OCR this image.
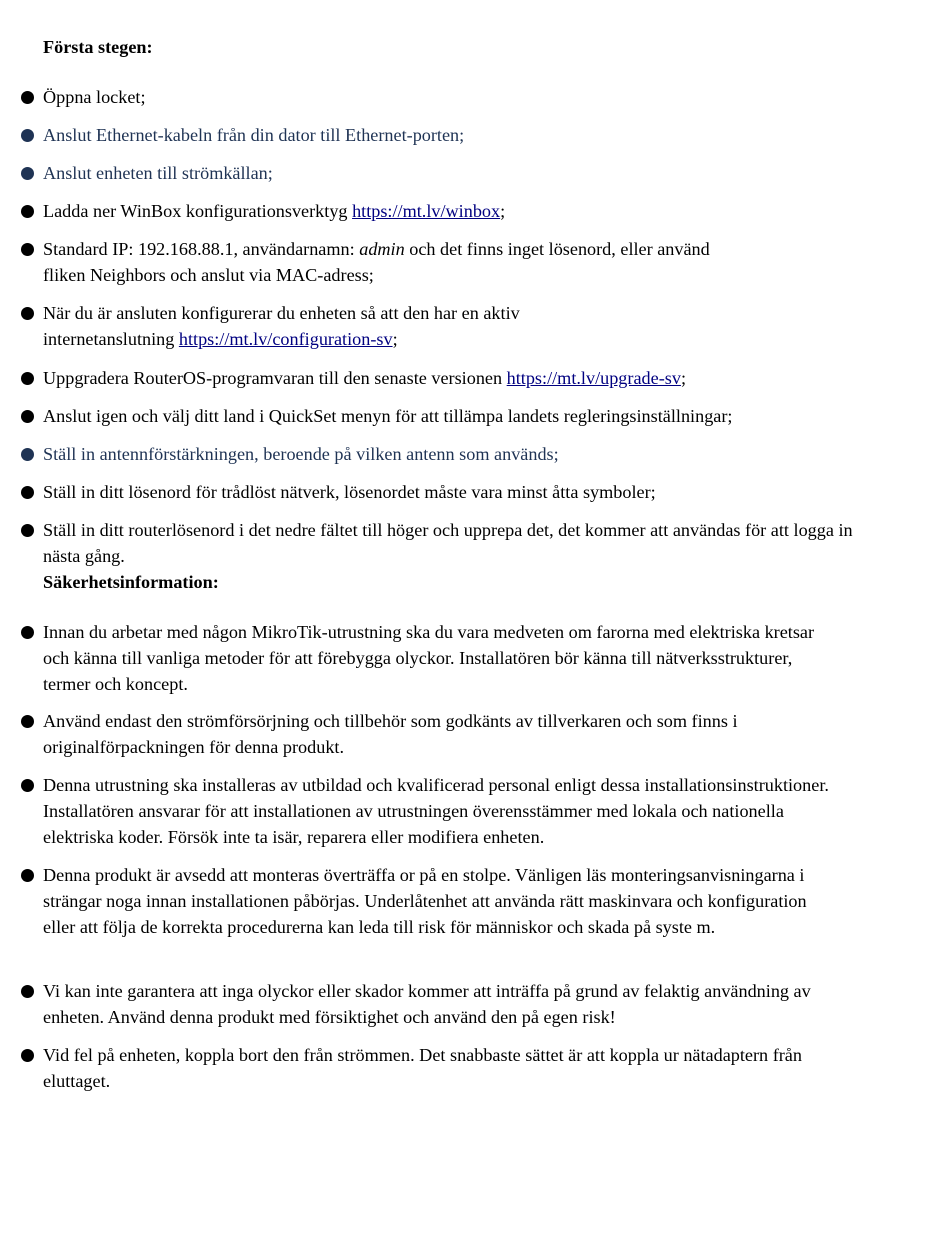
Första stegen:
Öppna locket;
Anslut Ethernet-kabeln från din dator till Ethernet-porten;
Anslut enheten till strömkällan;
Ladda ner WinBox konfigurationsverktyg https://mt.lv/winbox;
Standard IP: 192.168.88.1, användarnamn: admin och det finns inget lösenord, eller använd fliken Neighbors och anslut via MAC-adress;
När du är ansluten konfigurerar du enheten så att den har en aktiv internetanslutning https://mt.lv/configuration-sv;
Uppgradera RouterOS-programvaran till den senaste versionen https://mt.lv/upgrade-sv;
Anslut igen och välj ditt land i QuickSet menyn för att tillämpa landets regleringsinställningar;
Ställ in antennförstärkningen, beroende på vilken antenn som används;
Ställ in ditt lösenord för trådlöst nätverk, lösenordet måste vara minst åtta symboler;
Ställ in ditt routerlösenord i det nedre fältet till höger och upprepa det, det kommer att användas för att logga in nästa gång.
Säkerhetsinformation:
Innan du arbetar med någon MikroTik-utrustning ska du vara medveten om farorna med elektriska kretsar och känna till vanliga metoder för att förebygga olyckor. Installatören bör känna till nätverksstrukturer, termer och koncept.
Använd endast den strömförsörjning och tillbehör som godkänts av tillverkaren och som finns i originalförpackningen för denna produkt.
Denna utrustning ska installeras av utbildad och kvalificerad personal enligt dessa installationsinstruktioner. Installatören ansvarar för att installationen av utrustningen överensstämmer med lokala och nationella elektriska koder. Försök inte ta isär, reparera eller modifiera enheten.
Denna produkt är avsedd att monteras överträffa or på en stolpe. Vänligen läs monteringsanvisningarna i strängar noga innan installationen påbörjas. Underlåtenhet att använda rätt maskinvara och konfiguration eller att följa de korrekta procedurerna kan leda till risk för människor och skada på syste m.
Vi kan inte garantera att inga olyckor eller skador kommer att inträffa på grund av felaktig användning av enheten. Använd denna produkt med försiktighet och använd den på egen risk!
Vid fel på enheten, koppla bort den från strömmen. Det snabbaste sättet är att koppla ur nätadaptern från eluttaget.
